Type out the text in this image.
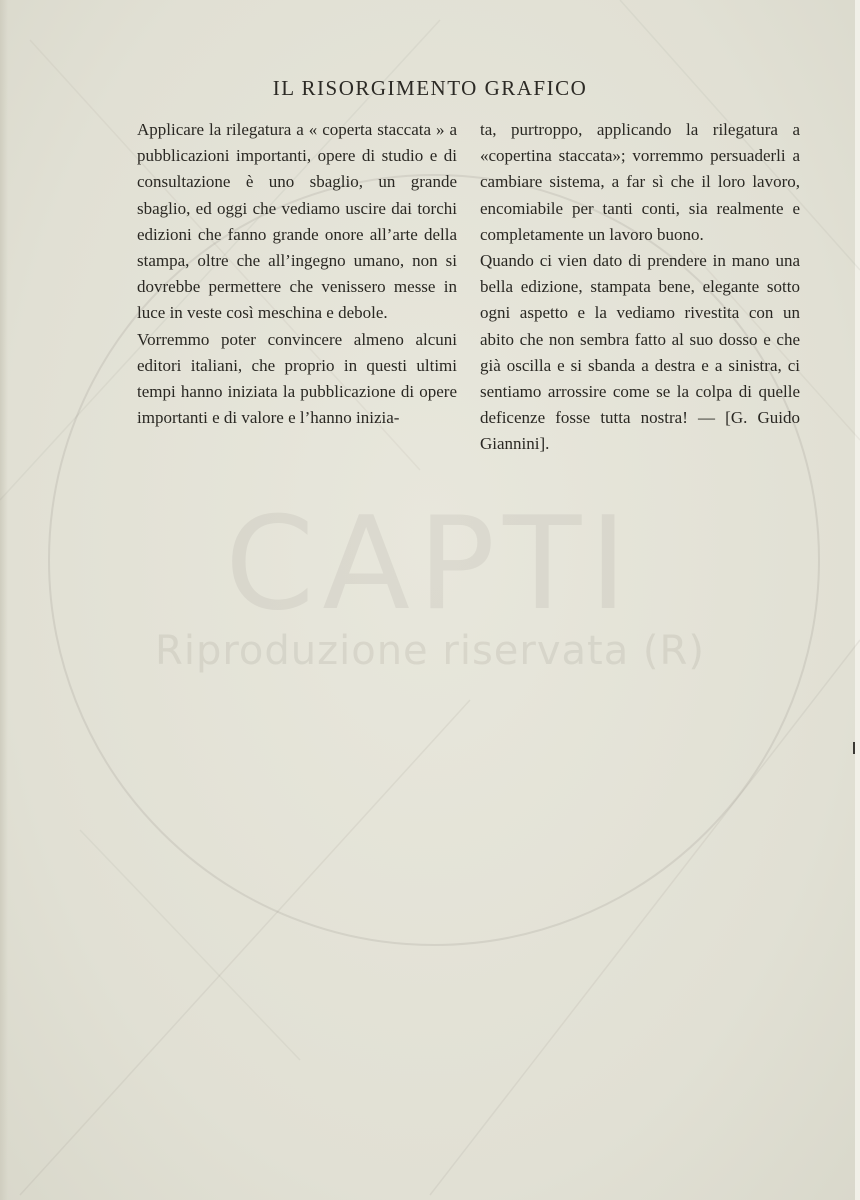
CAPTI
Riproduzione riservata (R)
IL RISORGIMENTO GRAFICO

Applicare la rilegatura a « coperta staccata » a pubblicazioni importanti, opere di studio e di consultazione è uno sbaglio, un grande sbaglio, ed oggi che vediamo uscire dai torchi edizioni che fanno grande onore all’arte della stampa, oltre che all’ingegno umano, non si dovrebbe permettere che venissero messe in luce in veste così meschina e debole.

Vorremmo poter convincere almeno alcuni editori italiani, che proprio in questi ultimi tempi hanno iniziata la pubblicazione di opere importanti e di valore e l’hanno inizia-

ta, purtroppo, applicando la rilegatura a «copertina staccata»; vorremmo persuaderli a cambiare sistema, a far sì che il loro lavoro, encomiabile per tanti conti, sia realmente e completamente un lavoro buono.

Quando ci vien dato di prendere in mano una bella edizione, stampata bene, elegante sotto ogni aspetto e la vediamo rivestita con un abito che non sembra fatto al suo dosso e che già oscilla e si sbanda a destra e a sinistra, ci sentiamo arrossire come se la colpa di quelle deficenze fosse tutta nostra! — [G. Guido Giannini].
